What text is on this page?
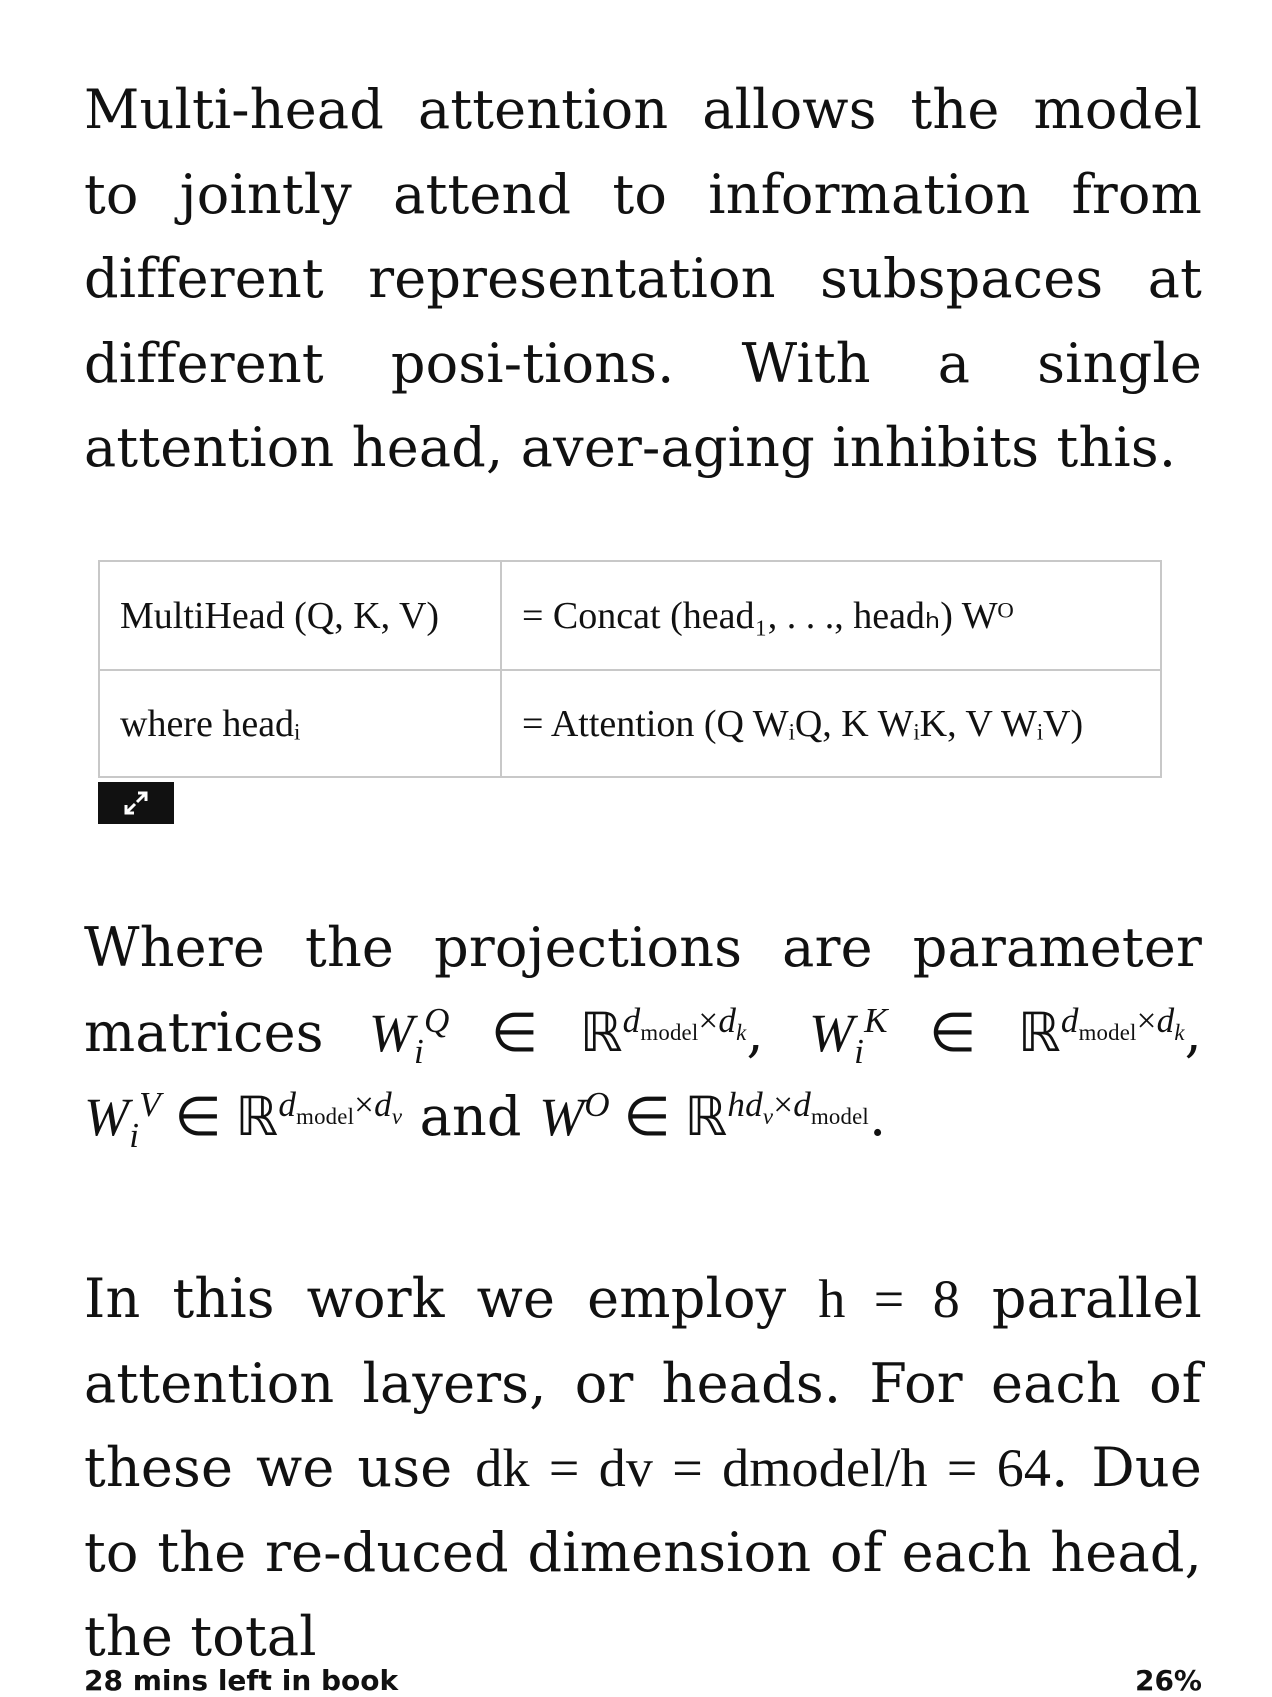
Multi-head attention allows the model to jointly attend to information from different representation subspaces at different posi-tions. With a single attention head, aver-aging inhibits this.

MultiHead (Q, K, V)	= Concat (head₁, . . ., headₕ) Wᴼ
where headᵢ	= Attention (Q WᵢQ, K WᵢK, V WᵢV)
Where the projections are parameter matrices $W_i^Q$ ∈ ℝ$^{d_{model}\times d_k}$, $W_i^K$ ∈ ℝ$^{d_{model}\times d_k}$, $W_i^V$ ∈ ℝ$^{d_{model}\times d_v}$ and $W^O$ ∈ ℝ$^{hd_v\times d_{model}}$.
In this work we employ h = 8 parallel attention layers, or heads. For each of these we use dk = dv = dmodel/h = 64. Due to the re-duced dimension of each head, the total
28 mins left in book	26%
